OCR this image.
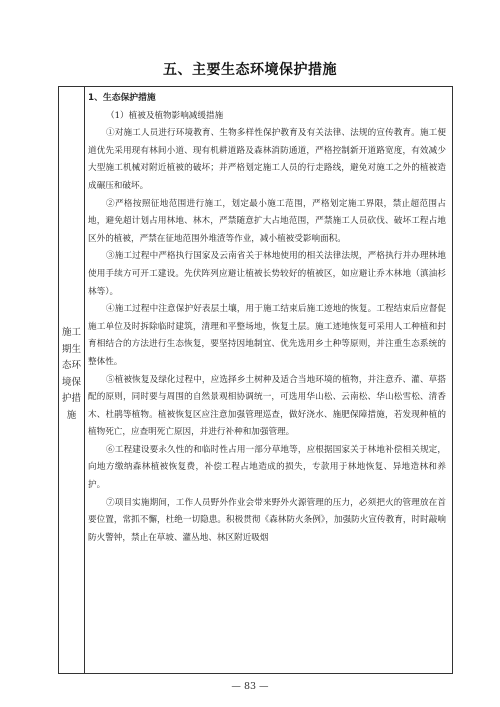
五、主要生态环境保护措施
施工期生态环境保护措施

1、生态保护措施

（1）植被及植物影响减缓措施

①对施工人员进行环境教育、生物多样性保护教育及有关法律、法规的宣传教育。施工便道优先采用现有林间小道、现有机耕道路及森林消防通道，严格控制新开道路宽度，有效减少大型施工机械对附近植被的破坏；并严格划定施工人员的行走路线，避免对施工之外的植被造成碾压和破坏。

②严格按照征地范围进行施工，划定最小施工范围，严格划定施工界限，禁止超范围占地，避免超计划占用林地、林木，严禁随意扩大占地范围，严禁施工人员砍伐、破坏工程占地区外的植被，严禁在征地范围外堆渣等作业，减小植被受影响面积。

③施工过程中严格执行国家及云南省关于林地使用的相关法律法规，严格执行并办理林地使用手续方可开工建设。先伏阵列应避让植被长势较好的植被区，如应避让乔木林地（滇油杉林等）。

④施工过程中注意保护好表层土壤，用于施工结束后施工迹地的恢复。工程结束后应督促施工单位及时拆除临时建筑，清理和平整场地，恢复土层。施工迹地恢复可采用人工种植和封育相结合的方法进行生态恢复，要坚持因地制宜、优先选用乡土种等原则，并注重生态系统的整体性。

⑤植被恢复及绿化过程中，应选择乡土树种及适合当地环境的植物，并注意乔、灌、草搭配的原则，同时要与周围的自然景观相协调统一，可选用华山松、云南松、华山松雪松、清香木、杜鹃等植物。植被恢复区应注意加强管理巡查，做好浇水、施肥保障措施，若发现种植的植物死亡，应查明死亡原因，并进行补种和加强管理。

⑥工程建设要永久性的和临时性占用一部分草地等，应根据国家关于林地补偿相关规定，向地方缴纳森林植被恢复费，补偿工程占地造成的损失，专款用于林地恢复、异地造林和养护。

⑦项目实施期间，工作人员野外作业会带来野外火源管理的压力，必须把火的管理放在首要位置，常抓不懈，杜绝一切隐患。积极贯彻《森林防火条例》，加强防火宣传教育，时时敲响防火警钟，禁止在草坡、灌丛地、林区附近吸烟

— 83 —
